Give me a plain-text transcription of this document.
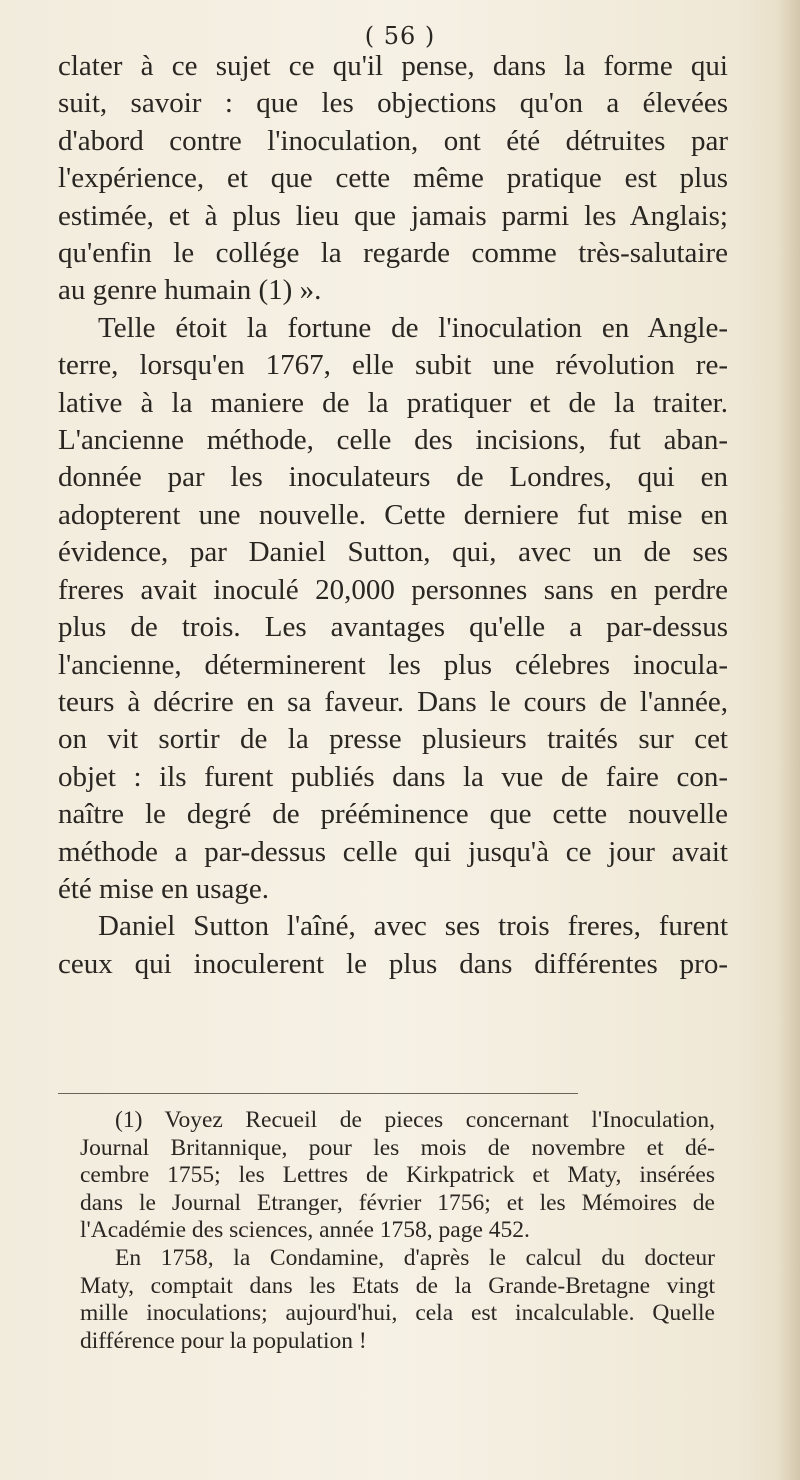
( 56 )
clater à ce sujet ce qu'il pense, dans la forme qui
suit, savoir : que les objections qu'on a élevées
d'abord contre l'inoculation, ont été détruites par
l'expérience, et que cette même pratique est plus
estimée, et à plus lieu que jamais parmi les Anglais;
qu'enfin le collége la regarde comme très-salutaire
au genre humain (1) ».
Telle étoit la fortune de l'inoculation en Angle-
terre, lorsqu'en 1767, elle subit une révolution re-
lative à la maniere de la pratiquer et de la traiter.
L'ancienne méthode, celle des incisions, fut aban-
donnée par les inoculateurs de Londres, qui en
adopterent une nouvelle. Cette derniere fut mise en
évidence, par Daniel Sutton, qui, avec un de ses
freres avait inoculé 20,000 personnes sans en perdre
plus de trois. Les avantages qu'elle a par-dessus
l'ancienne, déterminerent les plus célebres inocula-
teurs à décrire en sa faveur. Dans le cours de l'année,
on vit sortir de la presse plusieurs traités sur cet
objet : ils furent publiés dans la vue de faire con-
naître le degré de prééminence que cette nouvelle
méthode a par-dessus celle qui jusqu'à ce jour avait
été mise en usage.
Daniel Sutton l'aîné, avec ses trois freres, furent
ceux qui inoculerent le plus dans différentes pro-
(1) Voyez Recueil de pieces concernant l'Inoculation,
Journal Britannique, pour les mois de novembre et dé-
cembre 1755; les Lettres de Kirkpatrick et Maty, insérées
dans le Journal Etranger, février 1756; et les Mémoires de
l'Académie des sciences, année 1758, page 452.
En 1758, la Condamine, d'après le calcul du docteur
Maty, comptait dans les Etats de la Grande-Bretagne vingt
mille inoculations; aujourd'hui, cela est incalculable. Quelle
différence pour la population !
